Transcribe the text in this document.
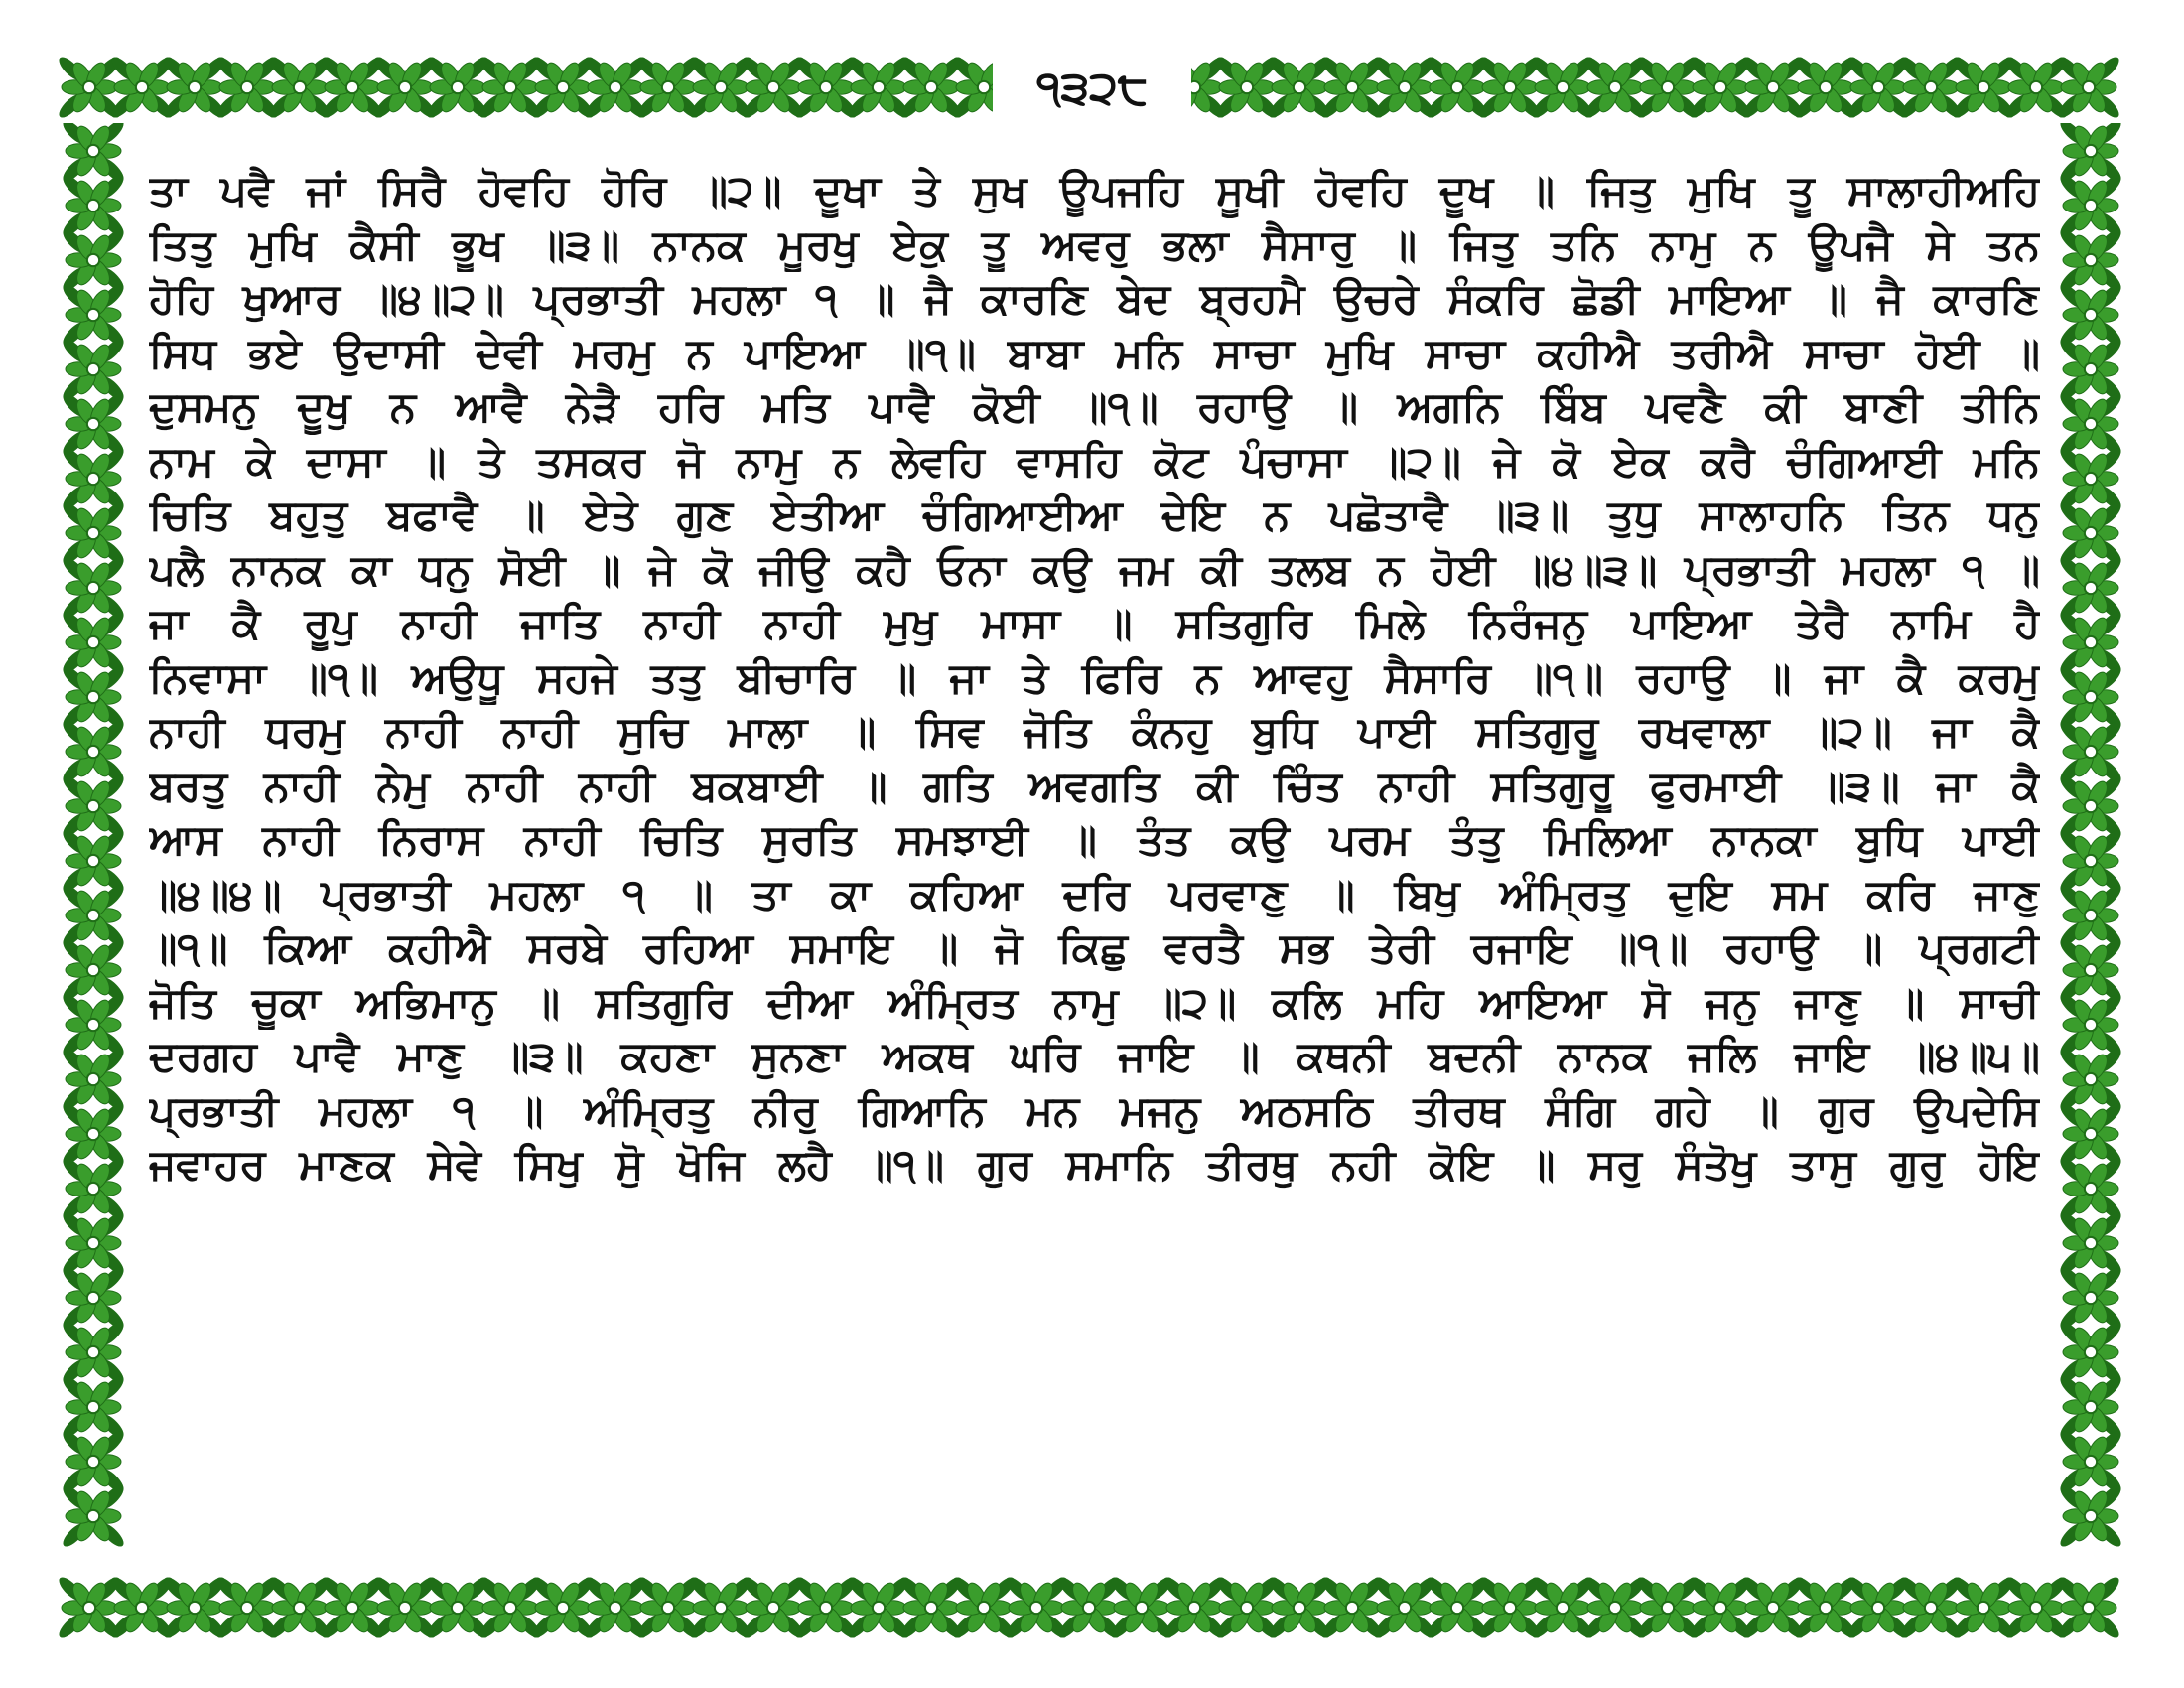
੧੩੨੮
ਤਾ ਪਵੈ ਜਾਂ ਸਿਰੈ ਹੋਵਹਿ ਹੋਰਿ ॥੨॥ ਦੂਖਾ ਤੇ ਸੁਖ ਊਪਜਹਿ ਸੂਖੀ ਹੋਵਹਿ ਦੂਖ ॥ ਜਿਤੁ ਮੁਖਿ ਤੂ ਸਾਲਾਹੀਅਹਿ
ਤਿਤੁ ਮੁਖਿ ਕੈਸੀ ਭੂਖ ॥੩॥ ਨਾਨਕ ਮੂਰਖੁ ਏਕੁ ਤੂ ਅਵਰੁ ਭਲਾ ਸੈਸਾਰੁ ॥ ਜਿਤੁ ਤਨਿ ਨਾਮੁ ਨ ਊਪਜੈ ਸੇ ਤਨ
ਹੋਹਿ ਖੁਆਰ ॥੪॥੨॥ ਪ੍ਰਭਾਤੀ ਮਹਲਾ ੧ ॥ ਜੈ ਕਾਰਣਿ ਬੇਦ ਬ੍ਰਹਮੈ ਉਚਰੇ ਸੰਕਰਿ ਛੋਡੀ ਮਾਇਆ ॥ ਜੈ ਕਾਰਣਿ
ਸਿਧ ਭਏ ਉਦਾਸੀ ਦੇਵੀ ਮਰਮੁ ਨ ਪਾਇਆ ॥੧॥ ਬਾਬਾ ਮਨਿ ਸਾਚਾ ਮੁਖਿ ਸਾਚਾ ਕਹੀਐ ਤਰੀਐ ਸਾਚਾ ਹੋਈ ॥
ਦੁਸਮਨੁ ਦੂਖੁ ਨ ਆਵੈ ਨੇੜੈ ਹਰਿ ਮਤਿ ਪਾਵੈ ਕੋਈ ॥੧॥ ਰਹਾਉ ॥ ਅਗਨਿ ਬਿੰਬ ਪਵਣੈ ਕੀ ਬਾਣੀ ਤੀਨਿ
ਨਾਮ ਕੇ ਦਾਸਾ ॥ ਤੇ ਤਸਕਰ ਜੋ ਨਾਮੁ ਨ ਲੇਵਹਿ ਵਾਸਹਿ ਕੋਟ ਪੰਚਾਸਾ ॥੨॥ ਜੇ ਕੋ ਏਕ ਕਰੈ ਚੰਗਿਆਈ ਮਨਿ
ਚਿਤਿ ਬਹੁਤੁ ਬਫਾਵੈ ॥ ਏਤੇ ਗੁਣ ਏਤੀਆ ਚੰਗਿਆਈਆ ਦੇਇ ਨ ਪਛੋਤਾਵੈ ॥੩॥ ਤੁਧੁ ਸਾਲਾਹਨਿ ਤਿਨ ਧਨੁ
ਪਲੈ ਨਾਨਕ ਕਾ ਧਨੁ ਸੋਈ ॥ ਜੇ ਕੋ ਜੀਉ ਕਹੈ ਓਨਾ ਕਉ ਜਮ ਕੀ ਤਲਬ ਨ ਹੋਈ ॥੪॥੩॥ ਪ੍ਰਭਾਤੀ ਮਹਲਾ ੧ ॥
ਜਾ ਕੈ ਰੂਪੁ ਨਾਹੀ ਜਾਤਿ ਨਾਹੀ ਨਾਹੀ ਮੁਖੁ ਮਾਸਾ ॥ ਸਤਿਗੁਰਿ ਮਿਲੇ ਨਿਰੰਜਨੁ ਪਾਇਆ ਤੇਰੈ ਨਾਮਿ ਹੈ
ਨਿਵਾਸਾ ॥੧॥ ਅਉਧੂ ਸਹਜੇ ਤਤੁ ਬੀਚਾਰਿ ॥ ਜਾ ਤੇ ਫਿਰਿ ਨ ਆਵਹੁ ਸੈਸਾਰਿ ॥੧॥ ਰਹਾਉ ॥ ਜਾ ਕੈ ਕਰਮੁ
ਨਾਹੀ ਧਰਮੁ ਨਾਹੀ ਨਾਹੀ ਸੁਚਿ ਮਾਲਾ ॥ ਸਿਵ ਜੋਤਿ ਕੰਨਹੁ ਬੁਧਿ ਪਾਈ ਸਤਿਗੁਰੂ ਰਖਵਾਲਾ ॥੨॥ ਜਾ ਕੈ
ਬਰਤੁ ਨਾਹੀ ਨੇਮੁ ਨਾਹੀ ਨਾਹੀ ਬਕਬਾਈ ॥ ਗਤਿ ਅਵਗਤਿ ਕੀ ਚਿੰਤ ਨਾਹੀ ਸਤਿਗੁਰੂ ਫੁਰਮਾਈ ॥੩॥ ਜਾ ਕੈ
ਆਸ ਨਾਹੀ ਨਿਰਾਸ ਨਾਹੀ ਚਿਤਿ ਸੁਰਤਿ ਸਮਝਾਈ ॥ ਤੰਤ ਕਉ ਪਰਮ ਤੰਤੁ ਮਿਲਿਆ ਨਾਨਕਾ ਬੁਧਿ ਪਾਈ
॥੪॥੪॥ ਪ੍ਰਭਾਤੀ ਮਹਲਾ ੧ ॥ ਤਾ ਕਾ ਕਹਿਆ ਦਰਿ ਪਰਵਾਣੁ ॥ ਬਿਖੁ ਅੰਮ੍ਰਿਤੁ ਦੁਇ ਸਮ ਕਰਿ ਜਾਣੁ
॥੧॥ ਕਿਆ ਕਹੀਐ ਸਰਬੇ ਰਹਿਆ ਸਮਾਇ ॥ ਜੋ ਕਿਛੁ ਵਰਤੈ ਸਭ ਤੇਰੀ ਰਜਾਇ ॥੧॥ ਰਹਾਉ ॥ ਪ੍ਰਗਟੀ
ਜੋਤਿ ਚੂਕਾ ਅਭਿਮਾਨੁ ॥ ਸਤਿਗੁਰਿ ਦੀਆ ਅੰਮ੍ਰਿਤ ਨਾਮੁ ॥੨॥ ਕਲਿ ਮਹਿ ਆਇਆ ਸੋ ਜਨੁ ਜਾਣੁ ॥ ਸਾਚੀ
ਦਰਗਹ ਪਾਵੈ ਮਾਣੁ ॥੩॥ ਕਹਣਾ ਸੁਨਣਾ ਅਕਥ ਘਰਿ ਜਾਇ ॥ ਕਥਨੀ ਬਦਨੀ ਨਾਨਕ ਜਲਿ ਜਾਇ ॥੪॥੫॥
ਪ੍ਰਭਾਤੀ ਮਹਲਾ ੧ ॥ ਅੰਮ੍ਰਿਤੁ ਨੀਰੁ ਗਿਆਨਿ ਮਨ ਮਜਨੁ ਅਠਸਠਿ ਤੀਰਥ ਸੰਗਿ ਗਹੇ ॥ ਗੁਰ ਉਪਦੇਸਿ
ਜਵਾਹਰ ਮਾਣਕ ਸੇਵੇ ਸਿਖੁ ਸੁੋ ਖੋਜਿ ਲਹੈ ॥੧॥ ਗੁਰ ਸਮਾਨਿ ਤੀਰਥੁ ਨਹੀ ਕੋਇ ॥ ਸਰੁ ਸੰਤੋਖੁ ਤਾਸੁ ਗੁਰੁ ਹੋਇ
